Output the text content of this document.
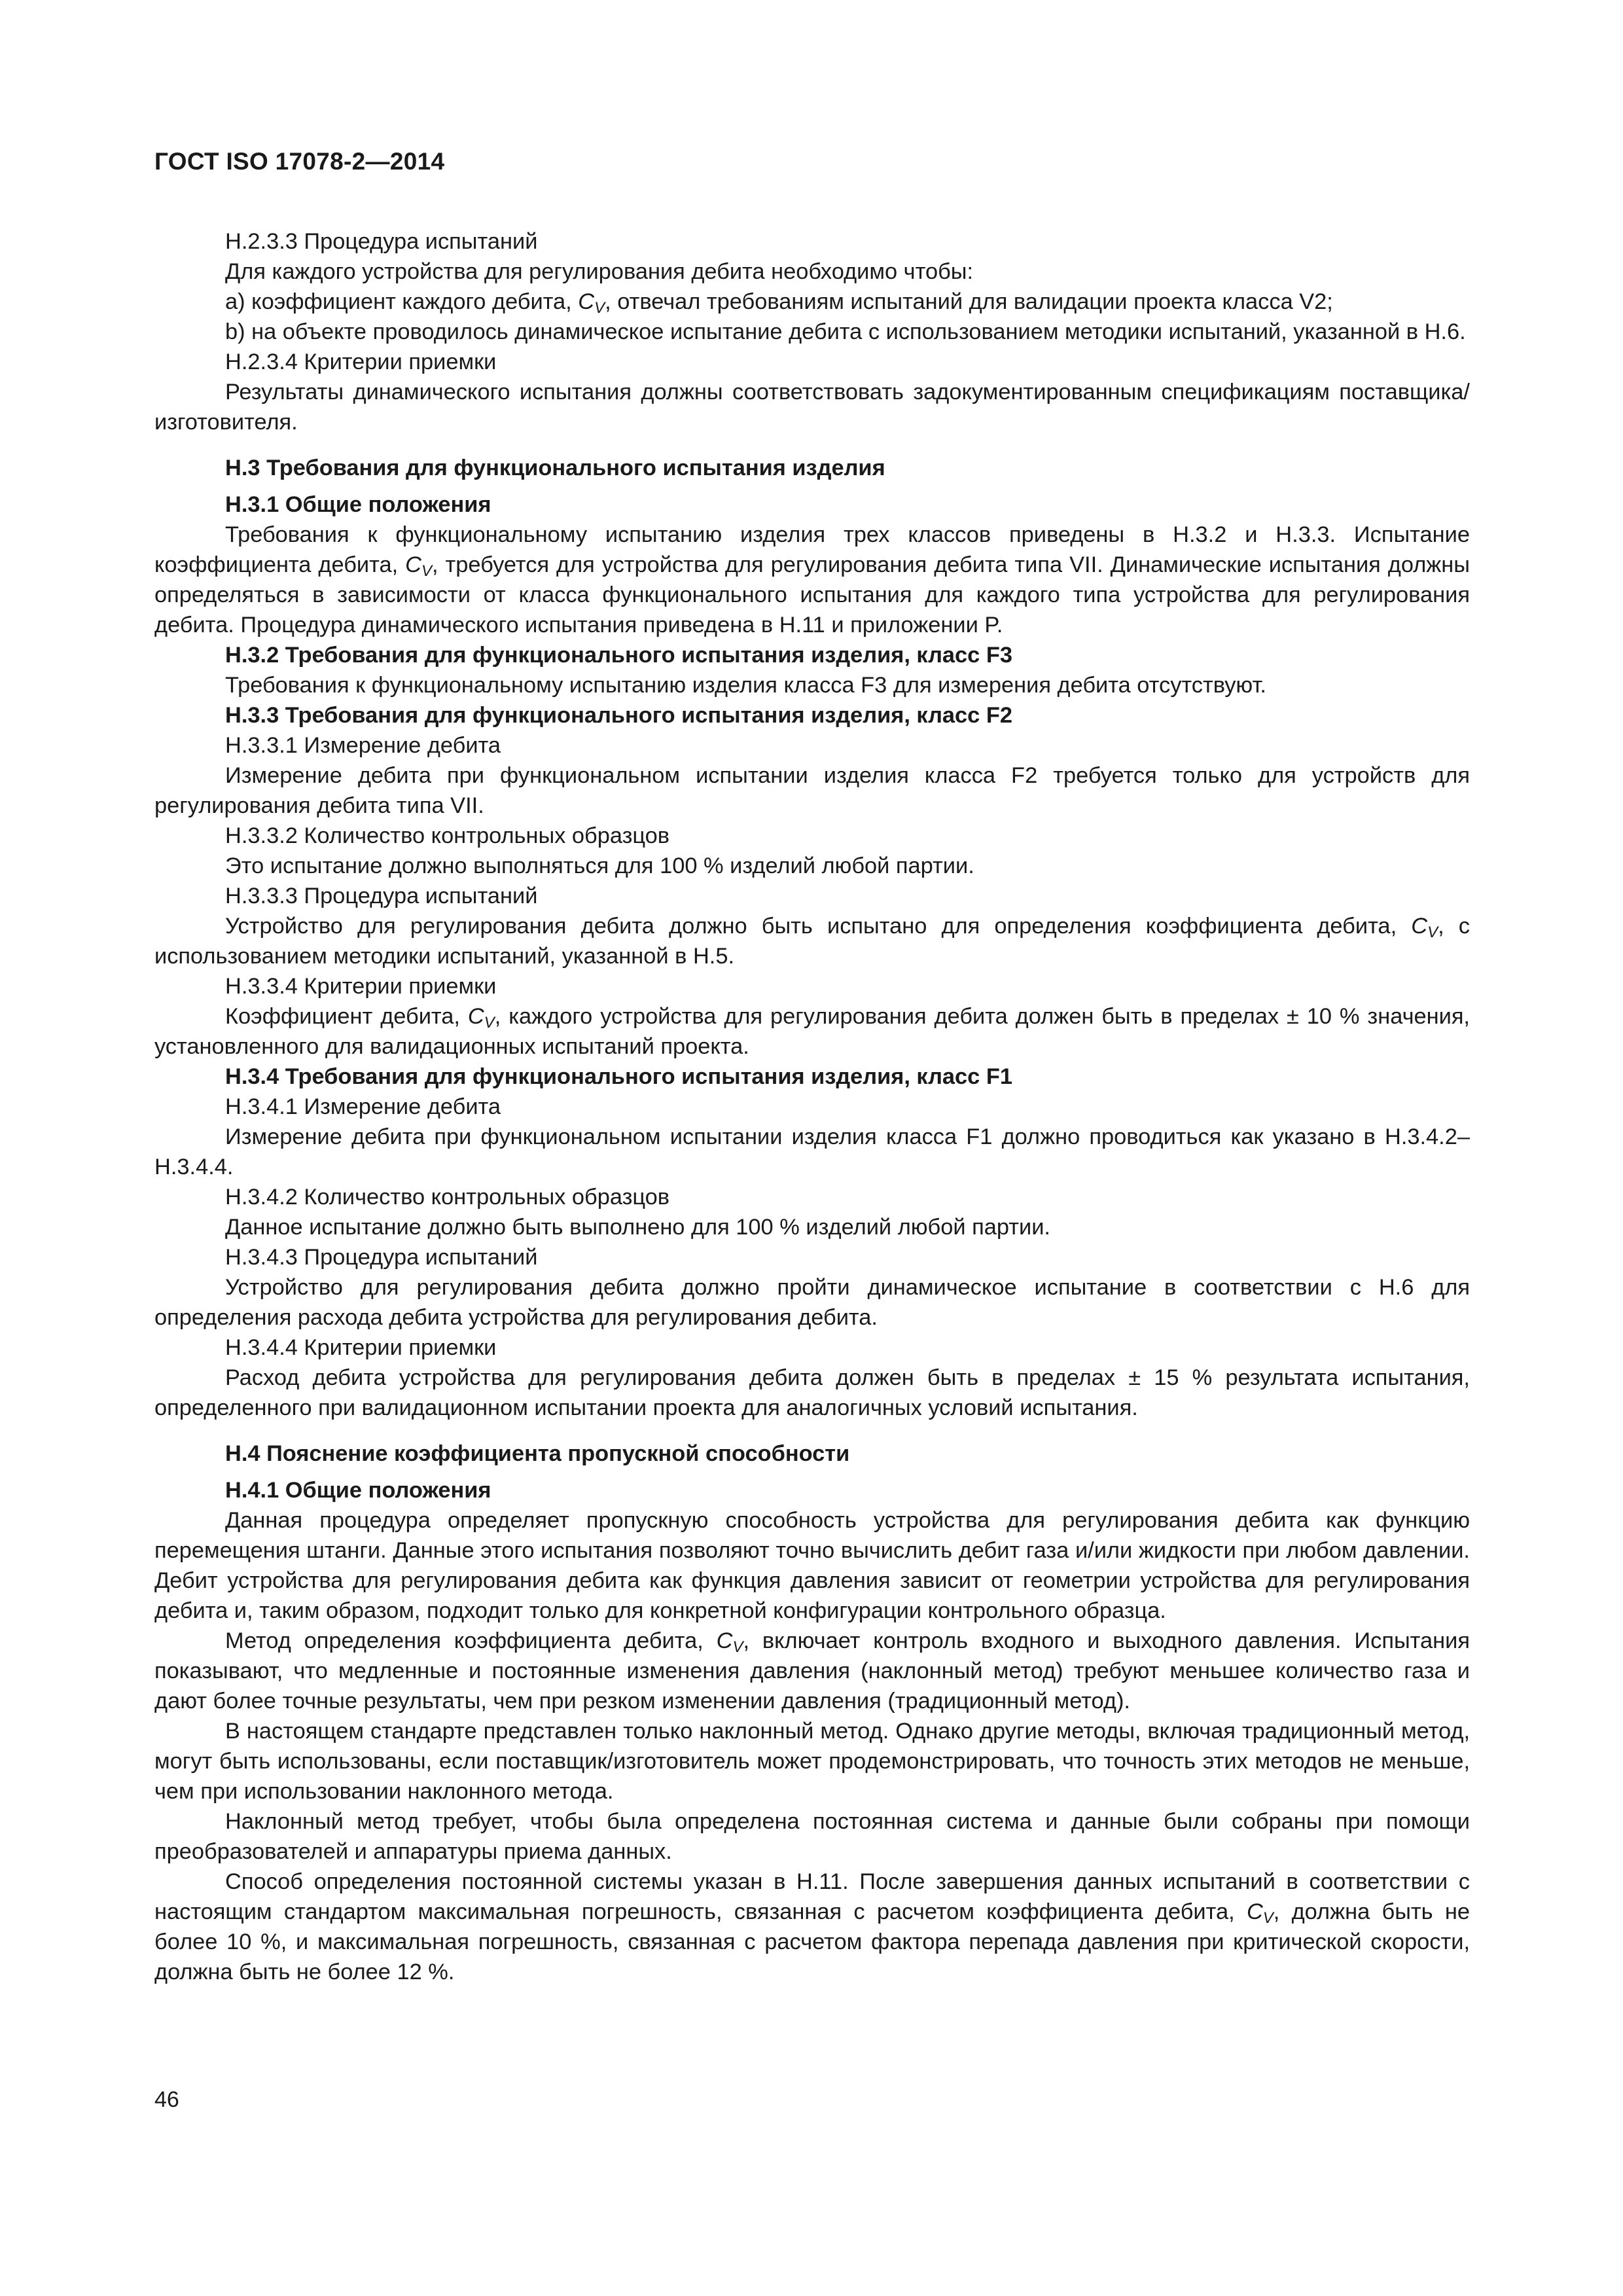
ГОСТ ISO 17078-2—2014

H.2.3.3 Процедура испытаний

Для каждого устройства для регулирования дебита необходимо чтобы:

а) коэффициент каждого дебита, $C_V$, отвечал требованиям испытаний для валидации проекта класса V2;

b) на объекте проводилось динамическое испытание дебита с использованием методики испытаний, указанной в H.6.

H.2.3.4 Критерии приемки

Результаты динамического испытания должны соответствовать задокументированным спецификациям поставщика/изготовителя.

H.3 Требования для функционального испытания изделия
H.3.1 Общие положения

Требования к функциональному испытанию изделия трех классов приведены в H.3.2 и H.3.3. Испытание коэффициента дебита, $C_V$, требуется для устройства для регулирования дебита типа VII. Динамические испытания должны определяться в зависимости от класса функционального испытания для каждого типа устройства для регулирования дебита. Процедура динамического испытания приведена в H.11 и приложении P.

H.3.2 Требования для функционального испытания изделия, класс F3

Требования к функциональному испытанию изделия класса F3 для измерения дебита отсутствуют.

H.3.3 Требования для функционального испытания изделия, класс F2

H.3.3.1 Измерение дебита

Измерение дебита при функциональном испытании изделия класса F2 требуется только для устройств для регулирования дебита типа VII.

H.3.3.2 Количество контрольных образцов

Это испытание должно выполняться для 100 % изделий любой партии.

H.3.3.3 Процедура испытаний

Устройство для регулирования дебита должно быть испытано для определения коэффициента дебита, $C_V$, с использованием методики испытаний, указанной в H.5.

H.3.3.4 Критерии приемки

Коэффициент дебита, $C_V$, каждого устройства для регулирования дебита должен быть в пределах ± 10 % значения, установленного для валидационных испытаний проекта.

H.3.4 Требования для функционального испытания изделия, класс F1

H.3.4.1 Измерение дебита

Измерение дебита при функциональном испытании изделия класса F1 должно проводиться как указано в H.3.4.2–H.3.4.4.

H.3.4.2 Количество контрольных образцов

Данное испытание должно быть выполнено для 100 % изделий любой партии.

H.3.4.3 Процедура испытаний

Устройство для регулирования дебита должно пройти динамическое испытание в соответствии с H.6 для определения расхода дебита устройства для регулирования дебита.

H.3.4.4 Критерии приемки

Расход дебита устройства для регулирования дебита должен быть в пределах ± 15 % результата испытания, определенного при валидационном испытании проекта для аналогичных условий испытания.

H.4 Пояснение коэффициента пропускной способности
H.4.1 Общие положения

Данная процедура определяет пропускную способность устройства для регулирования дебита как функцию перемещения штанги. Данные этого испытания позволяют точно вычислить дебит газа и/или жидкости при любом давлении. Дебит устройства для регулирования дебита как функция давления зависит от геометрии устройства для регулирования дебита и, таким образом, подходит только для конкретной конфигурации контрольного образца.

Метод определения коэффициента дебита, $C_V$, включает контроль входного и выходного давления. Испытания показывают, что медленные и постоянные изменения давления (наклонный метод) требуют меньшее количество газа и дают более точные результаты, чем при резком изменении давления (традиционный метод).

В настоящем стандарте представлен только наклонный метод. Однако другие методы, включая традиционный метод, могут быть использованы, если поставщик/изготовитель может продемонстрировать, что точность этих методов не меньше, чем при использовании наклонного метода.

Наклонный метод требует, чтобы была определена постоянная система и данные были собраны при помощи преобразователей и аппаратуры приема данных.

Способ определения постоянной системы указан в H.11. После завершения данных испытаний в соответствии с настоящим стандартом максимальная погрешность, связанная с расчетом коэффициента дебита, $C_V$, должна быть не более 10 %, и максимальная погрешность, связанная с расчетом фактора перепада давления при критической скорости, должна быть не более 12 %.

46
